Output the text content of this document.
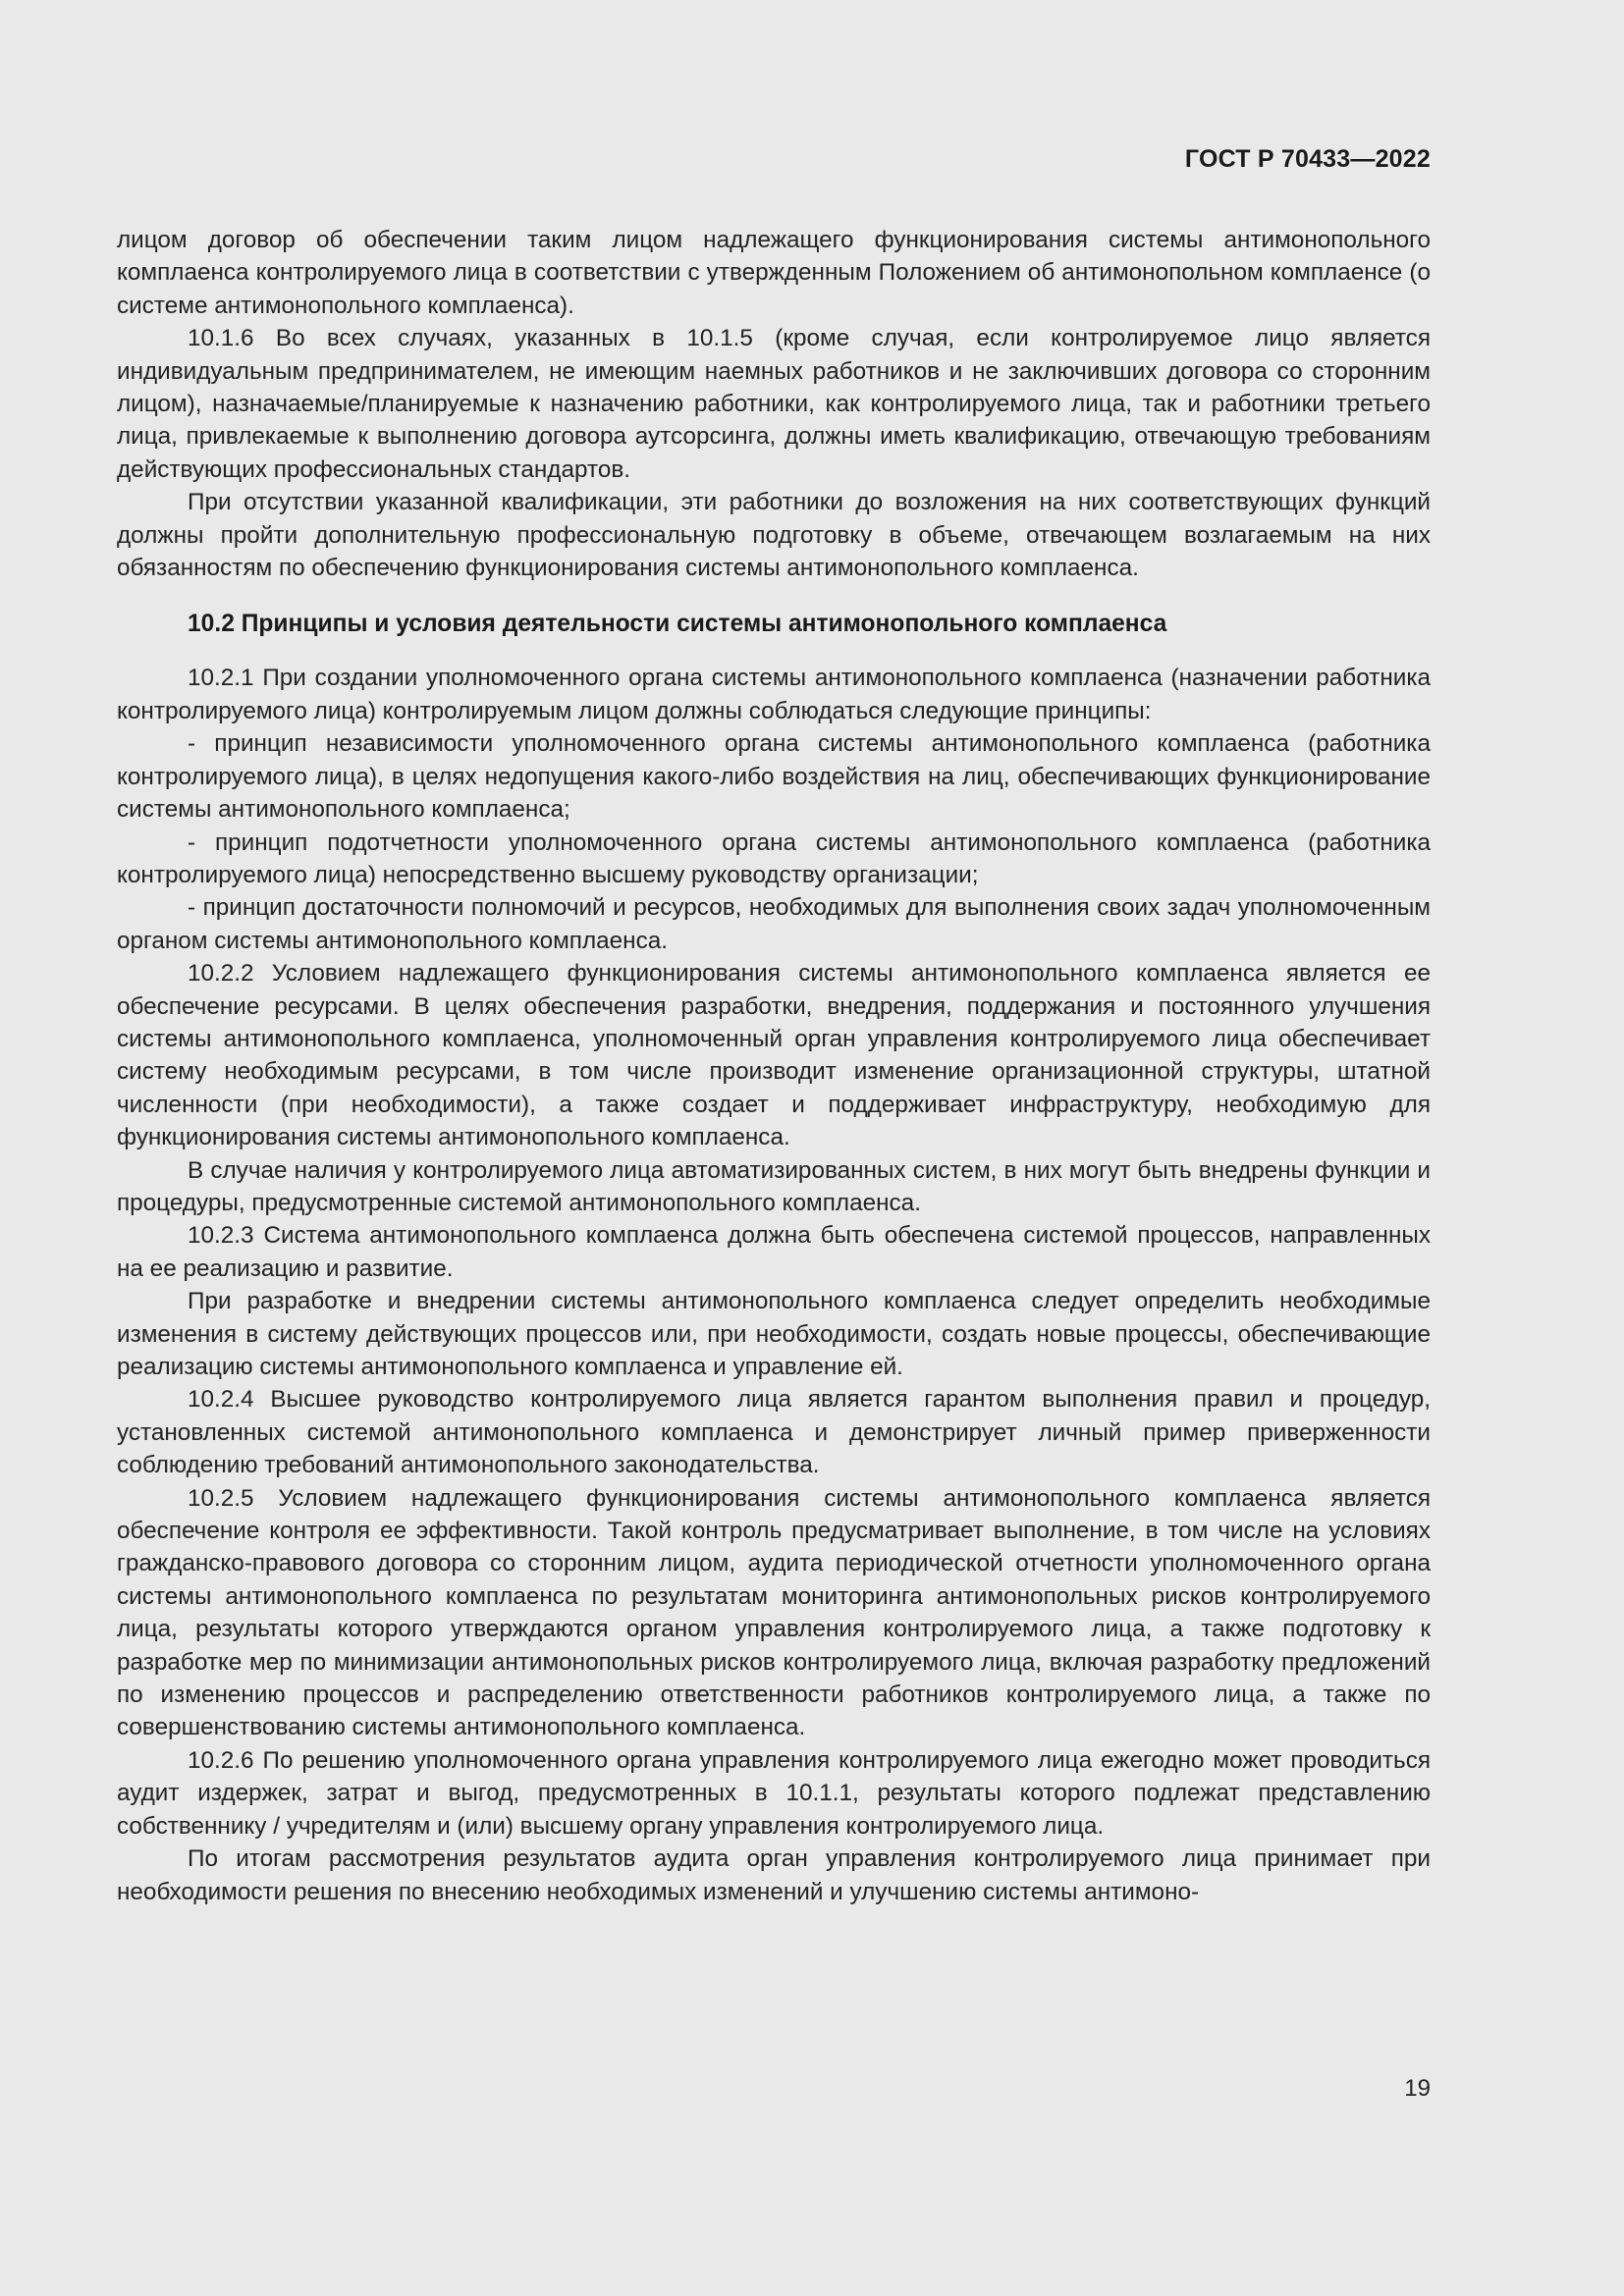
ГОСТ Р 70433—2022

лицом договор об обеспечении таким лицом надлежащего функционирования системы антимонопольного комплаенса контролируемого лица в соответствии с утвержденным Положением об антимонопольном комплаенсе (о системе антимонопольного комплаенса).

10.1.6 Во всех случаях, указанных в 10.1.5 (кроме случая, если контролируемое лицо является индивидуальным предпринимателем, не имеющим наемных работников и не заключивших договора со сторонним лицом), назначаемые/планируемые к назначению работники, как контролируемого лица, так и работники третьего лица, привлекаемые к выполнению договора аутсорсинга, должны иметь квалификацию, отвечающую требованиям действующих профессиональных стандартов.

При отсутствии указанной квалификации, эти работники до возложения на них соответствующих функций должны пройти дополнительную профессиональную подготовку в объеме, отвечающем возлагаемым на них обязанностям по обеспечению функционирования системы антимонопольного комплаенса.

10.2 Принципы и условия деятельности системы антимонопольного комплаенса

10.2.1 При создании уполномоченного органа системы антимонопольного комплаенса (назначении работника контролируемого лица) контролируемым лицом должны соблюдаться следующие принципы:

- принцип независимости уполномоченного органа системы антимонопольного комплаенса (работника контролируемого лица), в целях недопущения какого-либо воздействия на лиц, обеспечивающих функционирование системы антимонопольного комплаенса;

- принцип подотчетности уполномоченного органа системы антимонопольного комплаенса (работника контролируемого лица) непосредственно высшему руководству организации;

- принцип достаточности полномочий и ресурсов, необходимых для выполнения своих задач уполномоченным органом системы антимонопольного комплаенса.

10.2.2 Условием надлежащего функционирования системы антимонопольного комплаенса является ее обеспечение ресурсами. В целях обеспечения разработки, внедрения, поддержания и постоянного улучшения системы антимонопольного комплаенса, уполномоченный орган управления контролируемого лица обеспечивает систему необходимым ресурсами, в том числе производит изменение организационной структуры, штатной численности (при необходимости), а также создает и поддерживает инфраструктуру, необходимую для функционирования системы антимонопольного комплаенса.

В случае наличия у контролируемого лица автоматизированных систем, в них могут быть внедрены функции и процедуры, предусмотренные системой антимонопольного комплаенса.

10.2.3 Система антимонопольного комплаенса должна быть обеспечена системой процессов, направленных на ее реализацию и развитие.

При разработке и внедрении системы антимонопольного комплаенса следует определить необходимые изменения в систему действующих процессов или, при необходимости, создать новые процессы, обеспечивающие реализацию системы антимонопольного комплаенса и управление ей.

10.2.4 Высшее руководство контролируемого лица является гарантом выполнения правил и процедур, установленных системой антимонопольного комплаенса и демонстрирует личный пример приверженности соблюдению требований антимонопольного законодательства.

10.2.5 Условием надлежащего функционирования системы антимонопольного комплаенса является обеспечение контроля ее эффективности. Такой контроль предусматривает выполнение, в том числе на условиях гражданско-правового договора со сторонним лицом, аудита периодической отчетности уполномоченного органа системы антимонопольного комплаенса по результатам мониторинга антимонопольных рисков контролируемого лица, результаты которого утверждаются органом управления контролируемого лица, а также подготовку к разработке мер по минимизации антимонопольных рисков контролируемого лица, включая разработку предложений по изменению процессов и распределению ответственности работников контролируемого лица, а также по совершенствованию системы антимонопольного комплаенса.

10.2.6 По решению уполномоченного органа управления контролируемого лица ежегодно может проводиться аудит издержек, затрат и выгод, предусмотренных в 10.1.1, результаты которого подлежат представлению собственнику / учредителям и (или) высшему органу управления контролируемого лица.

По итогам рассмотрения результатов аудита орган управления контролируемого лица принимает при необходимости решения по внесению необходимых изменений и улучшению системы антимоно-

19
